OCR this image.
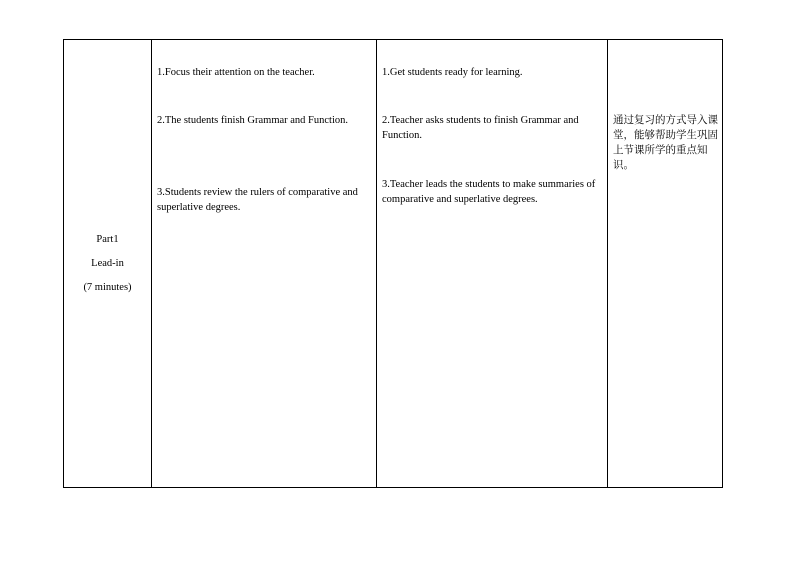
Part1
Lead-in
(7 minutes)
1.Focus their attention on the teacher.
2.The students finish Grammar and Function.
3.Students review the rulers of comparative and superlative degrees.
1.Get students ready for learning.
2.Teacher asks students to finish Grammar and Function.
3.Teacher leads the students to make summaries of comparative and superlative degrees.
通过复习的方式导入课堂，能够帮助学生巩固上节课所学的重点知识。
